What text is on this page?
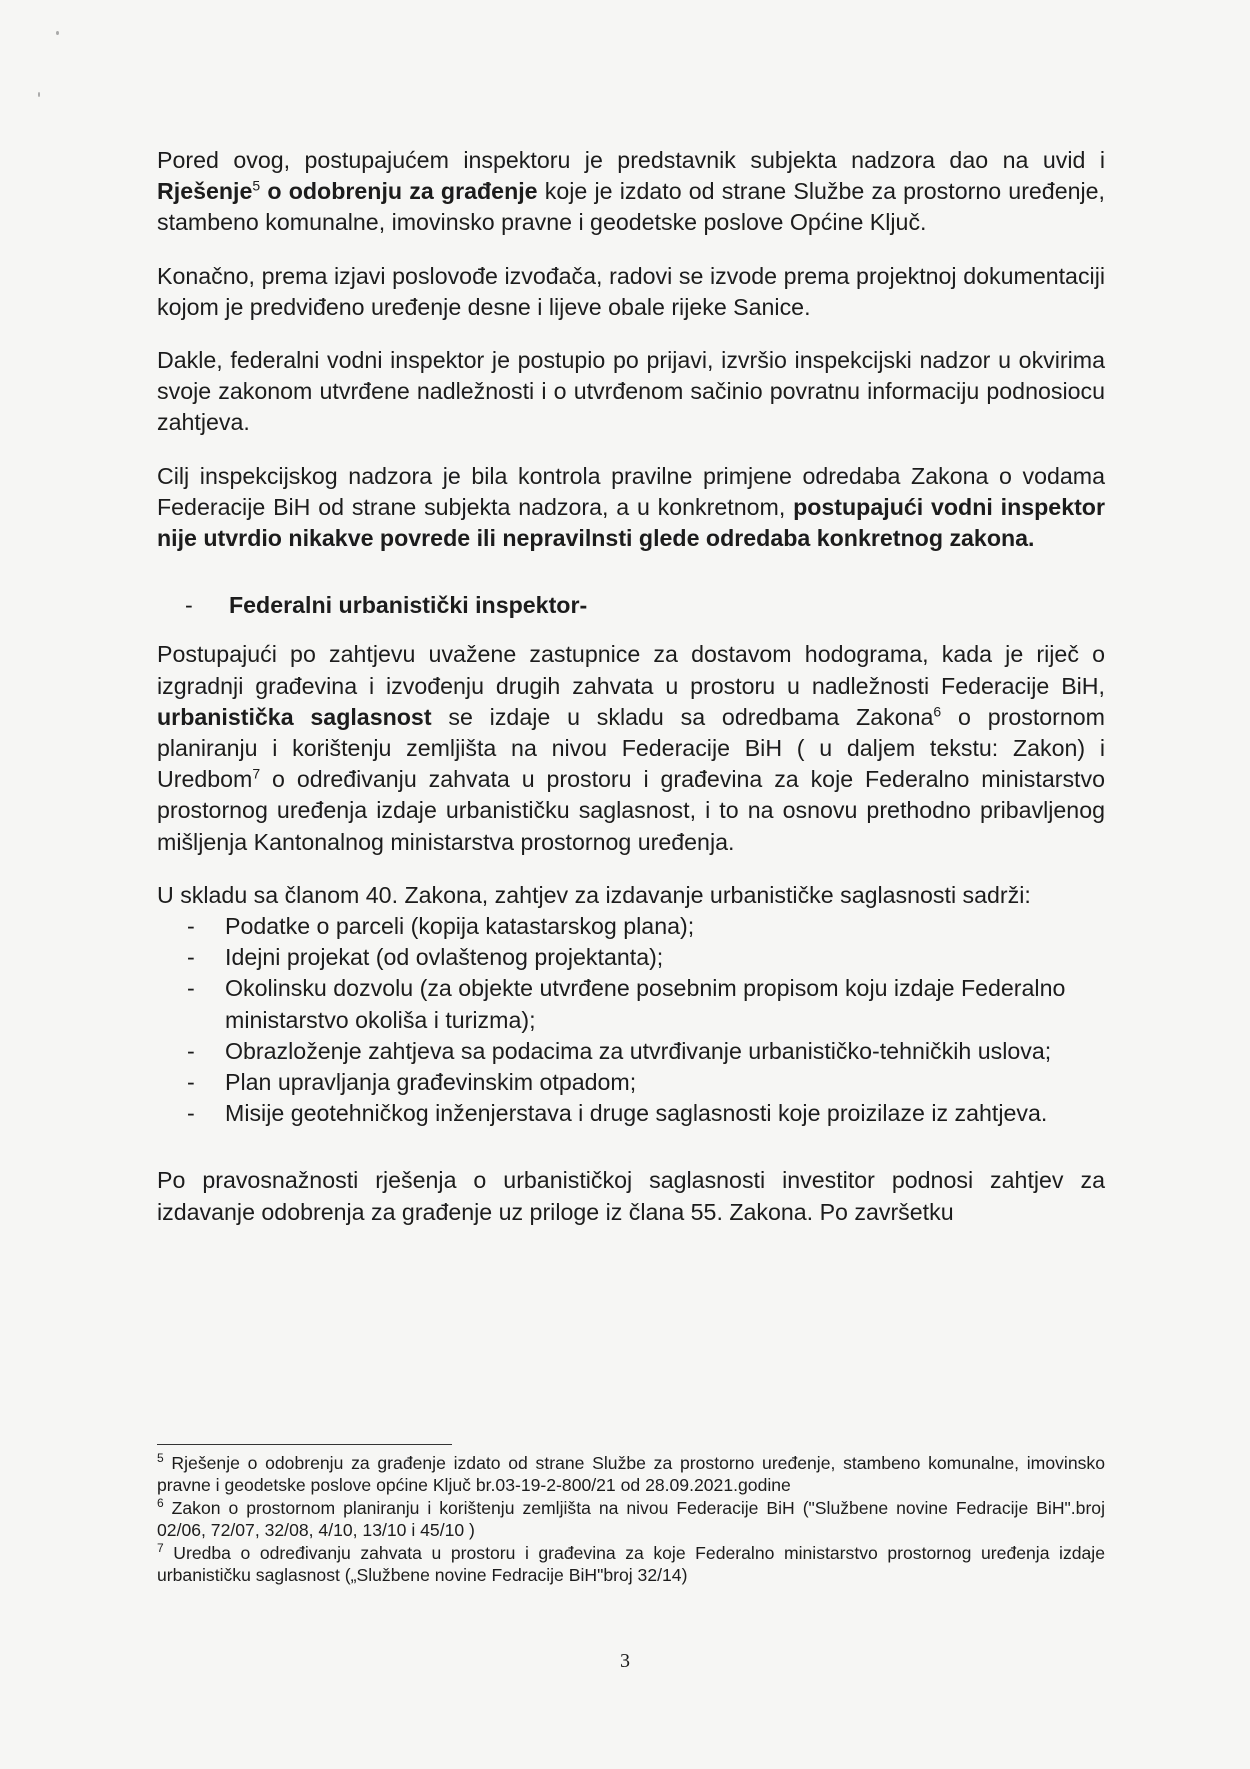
Pored ovog, postupajućem inspektoru je predstavnik subjekta nadzora dao na uvid i Rješenje$^5$ o odobrenju za građenje koje je izdato od strane Službe za prostorno uređenje, stambeno komunalne, imovinsko pravne i geodetske poslove Općine Ključ.

Konačno, prema izjavi poslovođe izvođača, radovi se izvode prema projektnoj dokumentaciji kojom je predviđeno uređenje desne i lijeve obale rijeke Sanice.

Dakle, federalni vodni inspektor je postupio po prijavi, izvršio inspekcijski nadzor u okvirima svoje zakonom utvrđene nadležnosti i o utvrđenom sačinio povratnu informaciju podnosiocu zahtjeva.

Cilj inspekcijskog nadzora je bila kontrola pravilne primjene odredaba Zakona o vodama Federacije BiH od strane subjekta nadzora, a u konkretnom, postupajući vodni inspektor nije utvrdio nikakve povrede ili nepravilnsti glede odredaba konkretnog zakona.

-	Federalni urbanistički inspektor-

Postupajući po zahtjevu uvažene zastupnice za dostavom hodograma, kada je riječ o izgradnji građevina i izvođenju drugih zahvata u prostoru u nadležnosti Federacije BiH, urbanistička saglasnost se izdaje u skladu sa odredbama Zakona$^6$ o prostornom planiranju i korištenju zemljišta na nivou Federacije BiH ( u daljem tekstu: Zakon) i Uredbom$^7$ o određivanju zahvata u prostoru i građevina za koje Federalno ministarstvo prostornog uređenja izdaje urbanističku saglasnost, i to na osnovu prethodno pribavljenog mišljenja Kantonalnog ministarstva prostornog uređenja.

U skladu sa članom 40. Zakona, zahtjev za izdavanje urbanističke saglasnosti sadrži:

-	Podatke o parceli (kopija katastarskog plana);
-	Idejni projekat (od ovlaštenog projektanta);
-	Okolinsku dozvolu (za objekte utvrđene posebnim propisom koju izdaje Federalno ministarstvo okoliša i turizma);
-	Obrazloženje zahtjeva sa podacima za utvrđivanje urbanističko-tehničkih uslova;
-	Plan upravljanja građevinskim otpadom;
-	Misije geotehničkog inženjerstava i druge saglasnosti koje proizilaze iz zahtjeva.

Po pravosnažnosti rješenja o urbanističkoj saglasnosti investitor podnosi zahtjev za izdavanje odobrenja za građenje uz priloge iz člana 55. Zakona. Po završetku

$^5$ Rješenje o odobrenju za građenje izdato od strane Službe za prostorno uređenje, stambeno komunalne, imovinsko pravne i geodetske poslove općine Ključ br.03-19-2-800/21 od 28.09.2021.godine

$^6$ Zakon o prostornom planiranju i korištenju zemljišta na nivou Federacije BiH ("Službene novine Fedracije BiH".broj 02/06, 72/07, 32/08, 4/10, 13/10 i 45/10 )

$^7$ Uredba o određivanju zahvata u prostoru i građevina za koje Federalno ministarstvo prostornog uređenja izdaje urbanističku saglasnost („Službene novine Fedracije BiH"broj 32/14)

3
